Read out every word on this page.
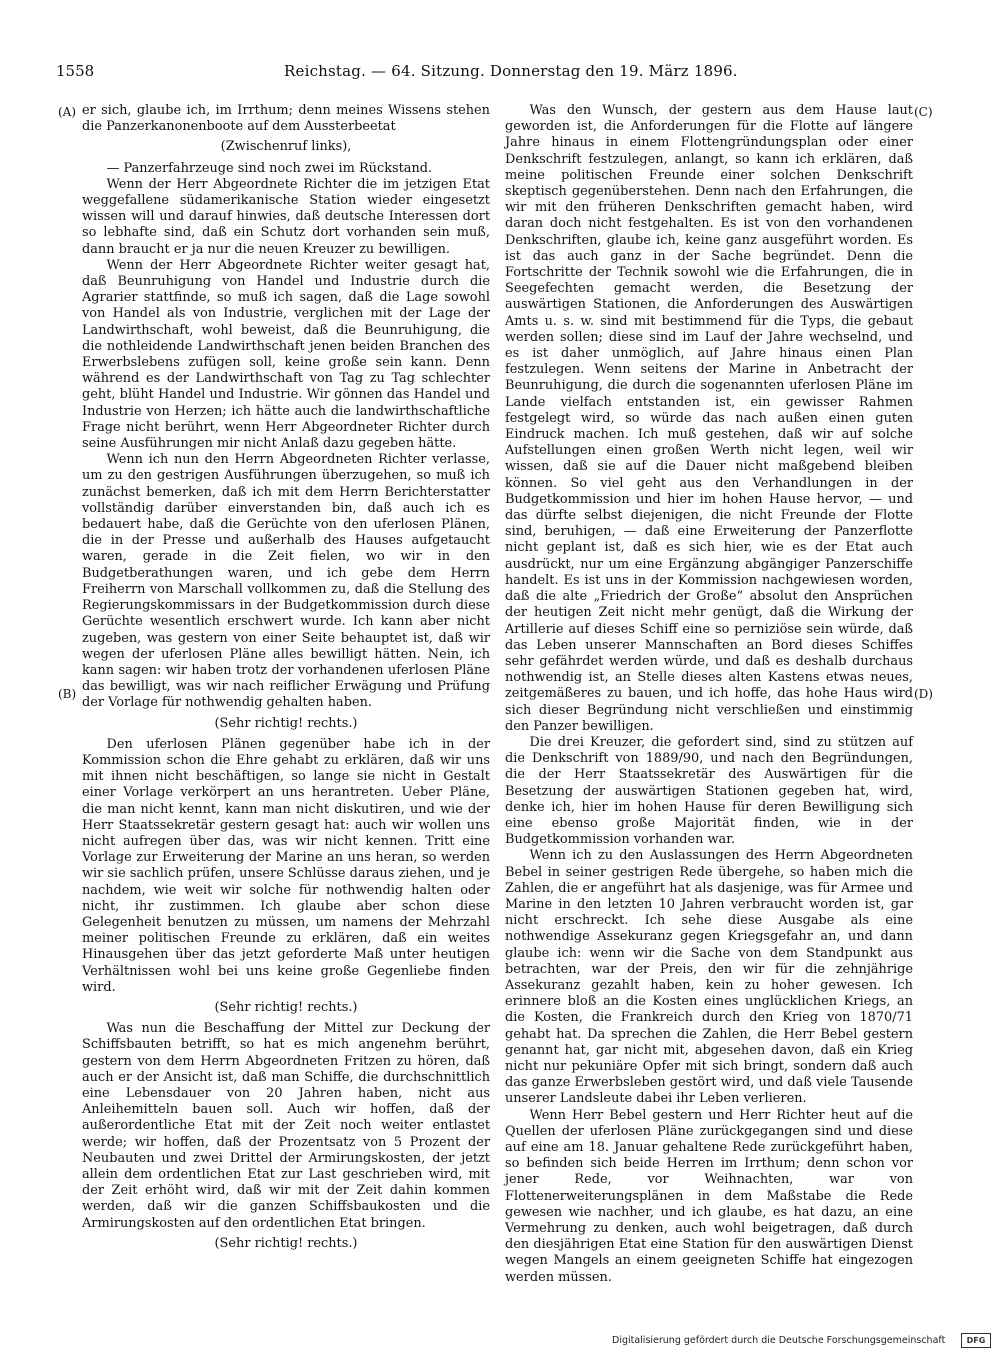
1558	Reichstag. — 64. Sitzung. Donnerstag den 19. März 1896.
(A)
(B)
(C)
(D)

er sich, glaube ich, im Irrthum; denn meines Wissens stehen die Panzerkanonenboote auf dem Aussterbeetat

(Zwischenruf links),

— Panzerfahrzeuge sind noch zwei im Rückstand.

Wenn der Herr Abgeordnete Richter die im jetzigen Etat weggefallene südamerikanische Station wieder eingesetzt wissen will und darauf hinwies, daß deutsche Interessen dort so lebhafte sind, daß ein Schutz dort vorhanden sein muß, dann braucht er ja nur die neuen Kreuzer zu bewilligen.

Wenn der Herr Abgeordnete Richter weiter gesagt hat, daß Beunruhigung von Handel und Industrie durch die Agrarier stattfinde, so muß ich sagen, daß die Lage sowohl von Handel als von Industrie, verglichen mit der Lage der Landwirthschaft, wohl beweist, daß die Beunruhigung, die die nothleidende Landwirthschaft jenen beiden Branchen des Erwerbslebens zufügen soll, keine große sein kann. Denn während es der Landwirthschaft von Tag zu Tag schlechter geht, blüht Handel und Industrie. Wir gönnen das Handel und Industrie von Herzen; ich hätte auch die landwirthschaftliche Frage nicht berührt, wenn Herr Abgeordneter Richter durch seine Ausführungen mir nicht Anlaß dazu gegeben hätte.

Wenn ich nun den Herrn Abgeordneten Richter verlasse, um zu den gestrigen Ausführungen überzugehen, so muß ich zunächst bemerken, daß ich mit dem Herrn Berichterstatter vollständig darüber einverstanden bin, daß auch ich es bedauert habe, daß die Gerüchte von den uferlosen Plänen, die in der Presse und außerhalb des Hauses aufgetaucht waren, gerade in die Zeit fielen, wo wir in den Budgetberathungen waren, und ich gebe dem Herrn Freiherrn von Marschall vollkommen zu, daß die Stellung des Regierungskommissars in der Budgetkommission durch diese Gerüchte wesentlich erschwert wurde. Ich kann aber nicht zugeben, was gestern von einer Seite behauptet ist, daß wir wegen der uferlosen Pläne alles bewilligt hätten. Nein, ich kann sagen: wir haben trotz der vorhandenen uferlosen Pläne das bewilligt, was wir nach reiflicher Erwägung und Prüfung der Vorlage für nothwendig gehalten haben.

(Sehr richtig! rechts.)

Den uferlosen Plänen gegenüber habe ich in der Kommission schon die Ehre gehabt zu erklären, daß wir uns mit ihnen nicht beschäftigen, so lange sie nicht in Gestalt einer Vorlage verkörpert an uns herantreten. Ueber Pläne, die man nicht kennt, kann man nicht diskutiren, und wie der Herr Staatssekretär gestern gesagt hat: auch wir wollen uns nicht aufregen über das, was wir nicht kennen. Tritt eine Vorlage zur Erweiterung der Marine an uns heran, so werden wir sie sachlich prüfen, unsere Schlüsse daraus ziehen, und je nachdem, wie weit wir solche für nothwendig halten oder nicht, ihr zustimmen. Ich glaube aber schon diese Gelegenheit benutzen zu müssen, um namens der Mehrzahl meiner politischen Freunde zu erklären, daß ein weites Hinausgehen über das jetzt geforderte Maß unter heutigen Verhältnissen wohl bei uns keine große Gegenliebe finden wird.

(Sehr richtig! rechts.)

Was nun die Beschaffung der Mittel zur Deckung der Schiffsbauten betrifft, so hat es mich angenehm berührt, gestern von dem Herrn Abgeordneten Fritzen zu hören, daß auch er der Ansicht ist, daß man Schiffe, die durchschnittlich eine Lebensdauer von 20 Jahren haben, nicht aus Anleihemitteln bauen soll. Auch wir hoffen, daß der außerordentliche Etat mit der Zeit noch weiter entlastet werde; wir hoffen, daß der Prozentsatz von 5 Prozent der Neubauten und zwei Drittel der Armirungskosten, der jetzt allein dem ordentlichen Etat zur Last geschrieben wird, mit der Zeit erhöht wird, daß wir mit der Zeit dahin kommen werden, daß wir die ganzen Schiffsbaukosten und die Armirungskosten auf den ordentlichen Etat bringen.

(Sehr richtig! rechts.)

Was den Wunsch, der gestern aus dem Hause laut geworden ist, die Anforderungen für die Flotte auf längere Jahre hinaus in einem Flottengründungsplan oder einer Denkschrift festzulegen, anlangt, so kann ich erklären, daß meine politischen Freunde einer solchen Denkschrift skeptisch gegenüberstehen. Denn nach den Erfahrungen, die wir mit den früheren Denkschriften gemacht haben, wird daran doch nicht festgehalten. Es ist von den vorhandenen Denkschriften, glaube ich, keine ganz ausgeführt worden. Es ist das auch ganz in der Sache begründet. Denn die Fortschritte der Technik sowohl wie die Erfahrungen, die in Seegefechten gemacht werden, die Besetzung der auswärtigen Stationen, die Anforderungen des Auswärtigen Amts u. s. w. sind mit bestimmend für die Typs, die gebaut werden sollen; diese sind im Lauf der Jahre wechselnd, und es ist daher unmöglich, auf Jahre hinaus einen Plan festzulegen. Wenn seitens der Marine in Anbetracht der Beunruhigung, die durch die sogenannten uferlosen Pläne im Lande vielfach entstanden ist, ein gewisser Rahmen festgelegt wird, so würde das nach außen einen guten Eindruck machen. Ich muß gestehen, daß wir auf solche Aufstellungen einen großen Werth nicht legen, weil wir wissen, daß sie auf die Dauer nicht maßgebend bleiben können. So viel geht aus den Verhandlungen in der Budgetkommission und hier im hohen Hause hervor, — und das dürfte selbst diejenigen, die nicht Freunde der Flotte sind, beruhigen, — daß eine Erweiterung der Panzerflotte nicht geplant ist, daß es sich hier, wie es der Etat auch ausdrückt, nur um eine Ergänzung abgängiger Panzerschiffe handelt. Es ist uns in der Kommission nachgewiesen worden, daß die alte „Friedrich der Große“ absolut den Ansprüchen der heutigen Zeit nicht mehr genügt, daß die Wirkung der Artillerie auf dieses Schiff eine so perniziöse sein würde, daß das Leben unserer Mannschaften an Bord dieses Schiffes sehr gefährdet werden würde, und daß es deshalb durchaus nothwendig ist, an Stelle dieses alten Kastens etwas neues, zeitgemäßeres zu bauen, und ich hoffe, das hohe Haus wird sich dieser Begründung nicht verschließen und einstimmig den Panzer bewilligen.

Die drei Kreuzer, die gefordert sind, sind zu stützen auf die Denkschrift von 1889/90, und nach den Begründungen, die der Herr Staatssekretär des Auswärtigen für die Besetzung der auswärtigen Stationen gegeben hat, wird, denke ich, hier im hohen Hause für deren Bewilligung sich eine ebenso große Majorität finden, wie in der Budgetkommission vorhanden war.

Wenn ich zu den Auslassungen des Herrn Abgeordneten Bebel in seiner gestrigen Rede übergehe, so haben mich die Zahlen, die er angeführt hat als dasjenige, was für Armee und Marine in den letzten 10 Jahren verbraucht worden ist, gar nicht erschreckt. Ich sehe diese Ausgabe als eine nothwendige Assekuranz gegen Kriegsgefahr an, und dann glaube ich: wenn wir die Sache von dem Standpunkt aus betrachten, war der Preis, den wir für die zehnjährige Assekuranz gezahlt haben, kein zu hoher gewesen. Ich erinnere bloß an die Kosten eines unglücklichen Kriegs, an die Kosten, die Frankreich durch den Krieg von 1870/71 gehabt hat. Da sprechen die Zahlen, die Herr Bebel gestern genannt hat, gar nicht mit, abgesehen davon, daß ein Krieg nicht nur pekuniäre Opfer mit sich bringt, sondern daß auch das ganze Erwerbsleben gestört wird, und daß viele Tausende unserer Landsleute dabei ihr Leben verlieren.

Wenn Herr Bebel gestern und Herr Richter heut auf die Quellen der uferlosen Pläne zurückgegangen sind und diese auf eine am 18. Januar gehaltene Rede zurückgeführt haben, so befinden sich beide Herren im Irrthum; denn schon vor jener Rede, vor Weihnachten, war von Flottenerweiterungsplänen in dem Maßstabe die Rede gewesen wie nachher, und ich glaube, es hat dazu, an eine Vermehrung zu denken, auch wohl beigetragen, daß durch den diesjährigen Etat eine Station für den auswärtigen Dienst wegen Mangels an einem geeigneten Schiffe hat eingezogen werden müssen.

Digitalisierung gefördert durch die Deutsche Forschungsgemeinschaft	DFG
